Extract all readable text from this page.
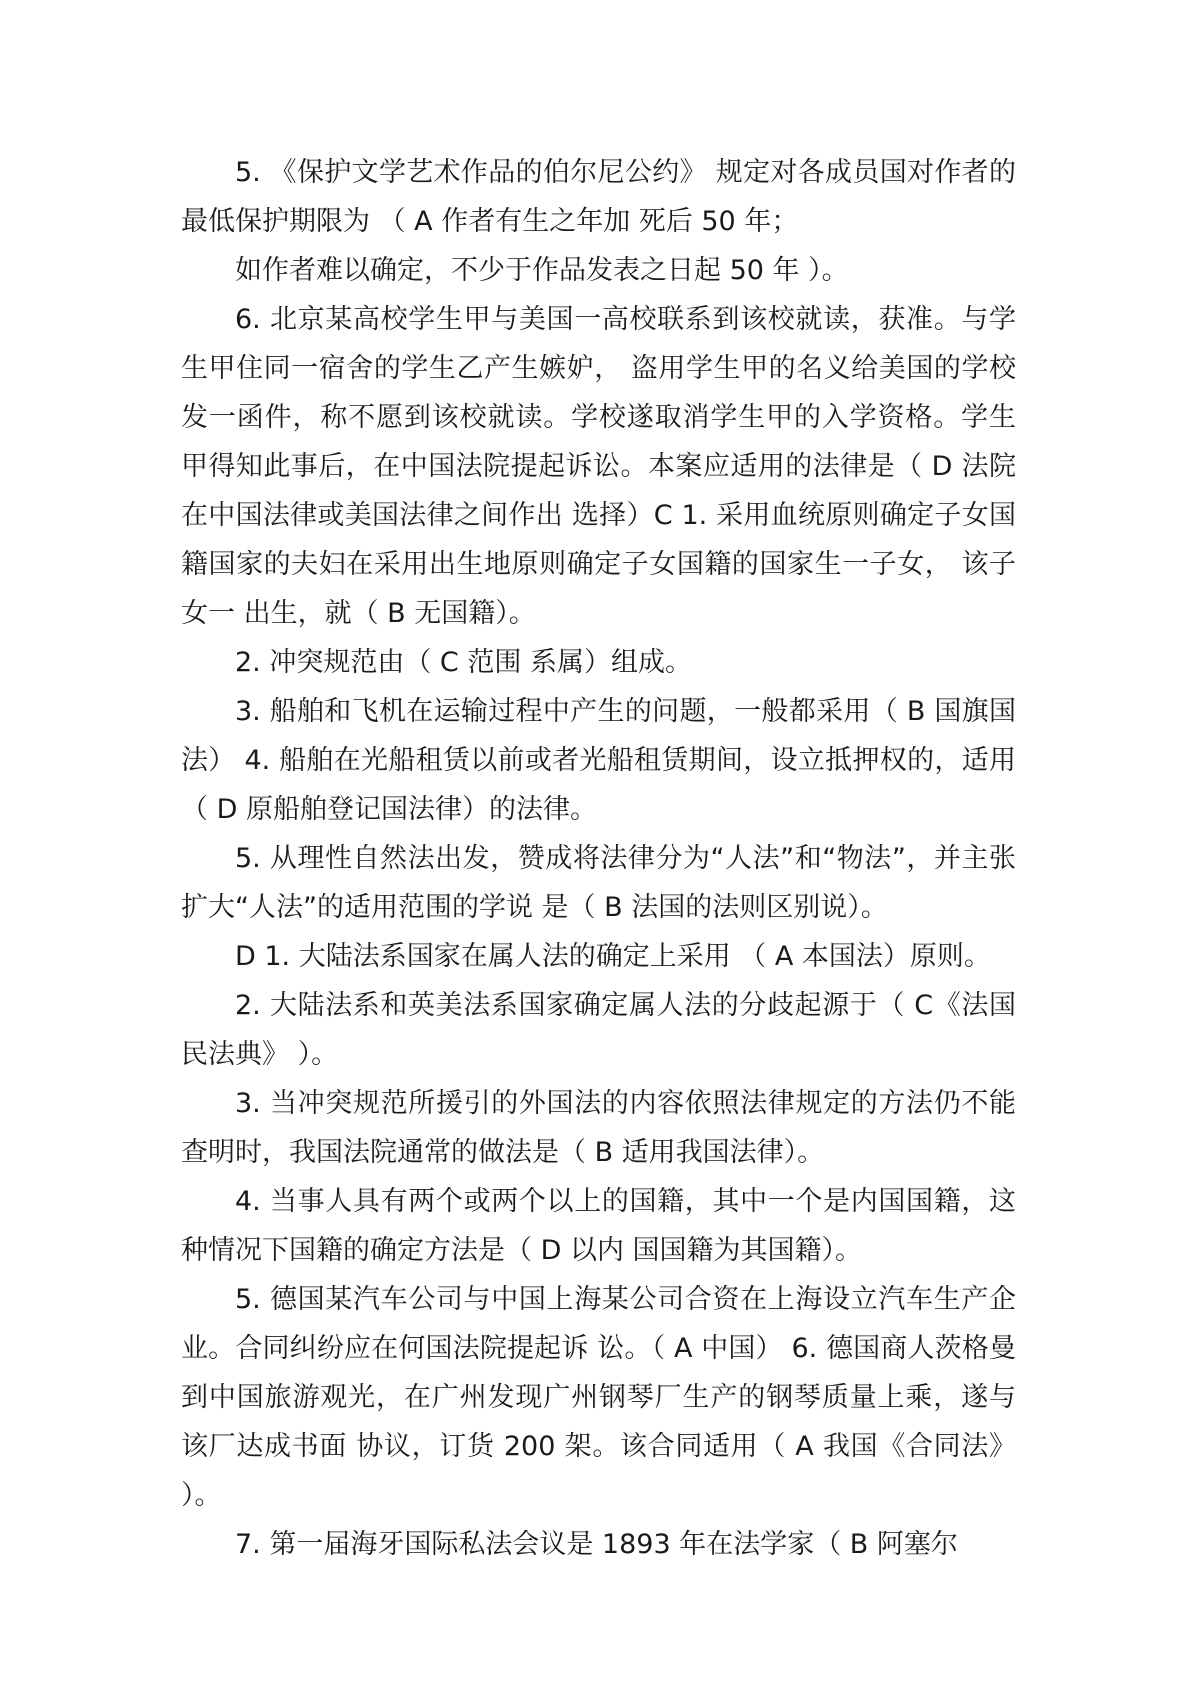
5. 《保护文学艺术作品的伯尔尼公约》 规定对各成员国对作者的最低保护期限为 （ A 作者有生之年加 死后 50 年；

如作者难以确定，不少于作品发表之日起 50 年 ）。

6. 北京某高校学生甲与美国一高校联系到该校就读，获准。与学生甲住同一宿舍的学生乙产生嫉妒， 盗用学生甲的名义给美国的学校发一函件，称不愿到该校就读。学校遂取消学生甲的入学资格。学生 甲得知此事后，在中国法院提起诉讼。本案应适用的法律是（ D 法院在中国法律或美国法律之间作出 选择）C 1. 采用血统原则确定子女国籍国家的夫妇在采用出生地原则确定子女国籍的国家生一子女， 该子女一 出生，就（ B 无国籍）。

2. 冲突规范由（ C 范围 系属）组成。

3. 船舶和飞机在运输过程中产生的问题，一般都采用（ B 国旗国法） 4. 船舶在光船租赁以前或者光船租赁期间，设立抵押权的，适用（ D 原船舶登记国法律）的法律。

5. 从理性自然法出发，赞成将法律分为“人法”和“物法”，并主张扩大“人法”的适用范围的学说 是（ B 法国的法则区别说）。

D 1. 大陆法系国家在属人法的确定上采用 （ A 本国法）原则。

2. 大陆法系和英美法系国家确定属人法的分歧起源于（ C《法国民法典》 ）。

3. 当冲突规范所援引的外国法的内容依照法律规定的方法仍不能查明时，我国法院通常的做法是（ B 适用我国法律）。

4. 当事人具有两个或两个以上的国籍，其中一个是内国国籍，这种情况下国籍的确定方法是（ D 以内 国国籍为其国籍）。

5. 德国某汽车公司与中国上海某公司合资在上海设立汽车生产企业。合同纠纷应在何国法院提起诉 讼。（ A 中国） 6. 德国商人茨格曼到中国旅游观光，在广州发现广州钢琴厂生产的钢琴质量上乘，遂与该厂达成书面 协议，订货 200 架。该合同适用（ A 我国《合同法》 ）。

7. 第一届海牙国际私法会议是 1893 年在法学家（ B 阿塞尔
